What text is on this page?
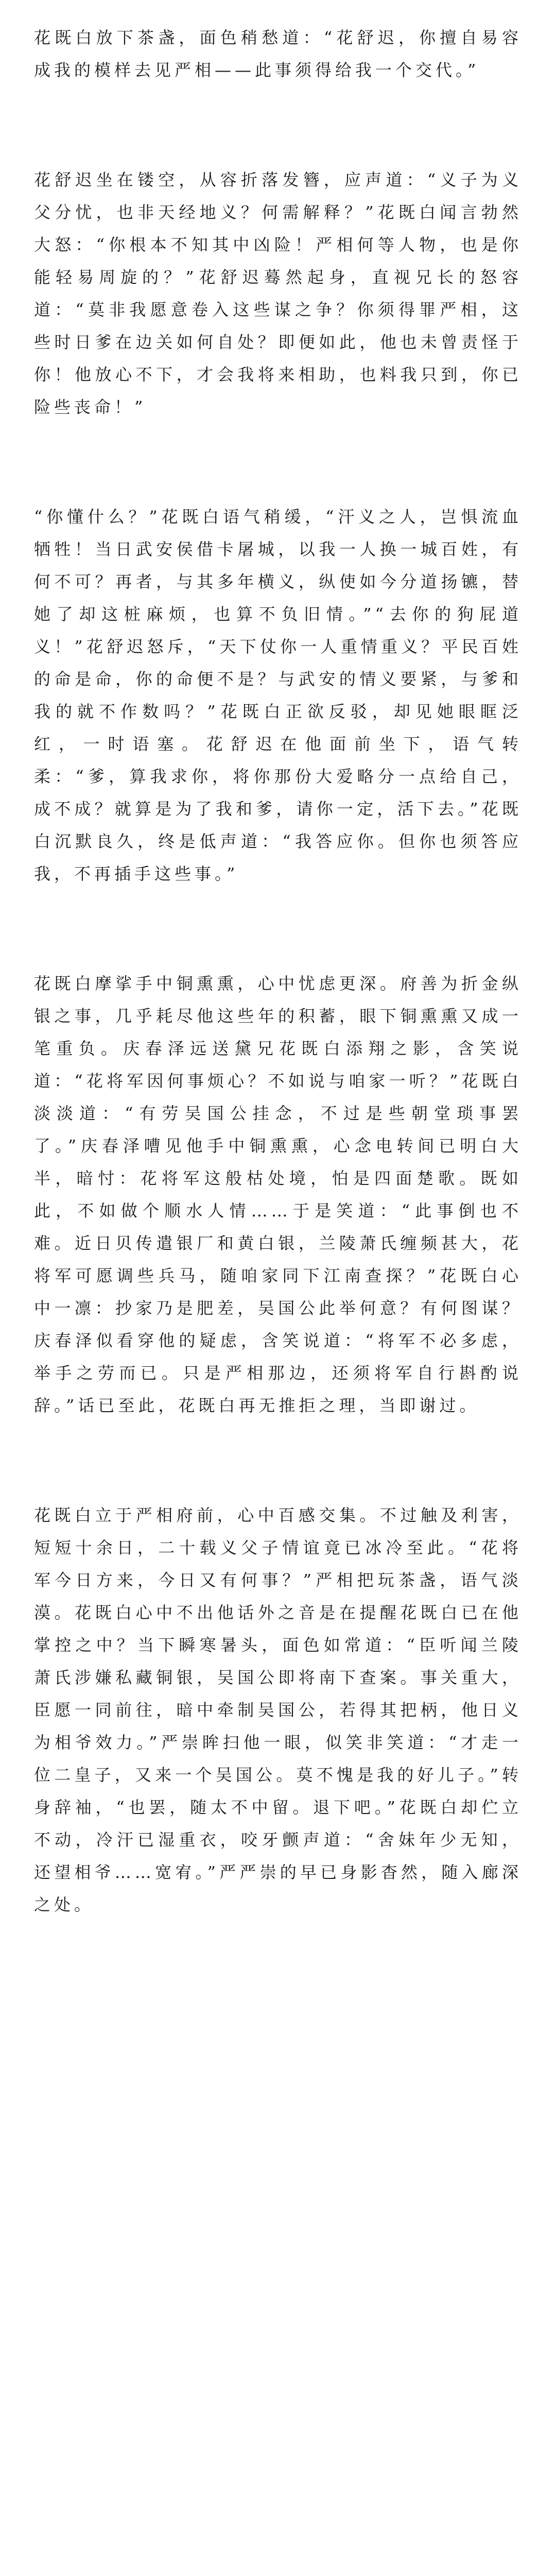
花既白放下茶盏，面色稍愁道：“花舒迟，你擅自易容成我的模样去见严相——此事须得给我一个交代。”

花舒迟坐在镂空，从容折落发簪，应声道：“义子为义父分忧，也非天经地义？何需解释？”花既白闻言勃然大怒：“你根本不知其中凶险！严相何等人物，也是你能轻易周旋的？”花舒迟蓦然起身，直视兄长的怒容道：“莫非我愿意卷入这些谋之争？你须得罪严相，这些时日爹在边关如何自处？即便如此，他也未曾责怪于你！他放心不下，才会我将来相助，也料我只到，你已险些丧命！”

“你懂什么？”花既白语气稍缓，“汗义之人，岂惧流血牺牲！当日武安侯借卡屠城，以我一人换一城百姓，有何不可？再者，与其多年横义，纵使如今分道扬镳，替她了却这桩麻烦，也算不负旧情。”“去你的狗屁道义！”花舒迟怒斥，“天下仗你一人重情重义？平民百姓的命是命，你的命便不是？与武安的情义要紧，与爹和我的就不作数吗？”花既白正欲反驳，却见她眼眶泛红，一时语塞。花舒迟在他面前坐下，语气转柔：“爹，算我求你，将你那份大爱略分一点给自己，成不成？就算是为了我和爹，请你一定，活下去。”花既白沉默良久，终是低声道：“我答应你。但你也须答应我，不再插手这些事。”

花既白摩挲手中铜熏熏，心中忧虑更深。府善为折金纵银之事，几乎耗尽他这些年的积蓄，眼下铜熏熏又成一笔重负。庆春泽远送黛兄花既白添翔之影，含笑说道：“花将军因何事烦心？不如说与咱家一听？”花既白淡淡道：“有劳吴国公挂念，不过是些朝堂琐事罢了。”庆春泽嘈见他手中铜熏熏，心念电转间已明白大半，暗忖：花将军这般枯处境，怕是四面楚歌。既如此，不如做个顺水人情……于是笑道：“此事倒也不难。近日贝传遣银厂和黄白银，兰陵萧氏缠频甚大，花将军可愿调些兵马，随咱家同下江南查探？”花既白心中一凛：抄家乃是肥差，吴国公此举何意？有何图谋？庆春泽似看穿他的疑虑，含笑说道：“将军不必多虑，举手之劳而已。只是严相那边，还须将军自行斟酌说辞。”话已至此，花既白再无推拒之理，当即谢过。

花既白立于严相府前，心中百感交集。不过触及利害，短短十余日，二十载义父子情谊竟已冰冷至此。“花将军今日方来，今日又有何事？”严相把玩茶盏，语气淡漠。花既白心中不出他话外之音是在提醒花既白已在他掌控之中？当下瞬寒暑头，面色如常道：“臣听闻兰陵萧氏涉嫌私藏铜银，吴国公即将南下查案。事关重大，臣愿一同前往，暗中牵制吴国公，若得其把柄，他日义为相爷效力。”严崇眸扫他一眼，似笑非笑道：“才走一位二皇子，又来一个吴国公。莫不愧是我的好儿子。”转身辞袖，“也罢，随太不中留。退下吧。”花既白却伫立不动，冷汗已湿重衣，咬牙颤声道：“舍妹年少无知，还望相爷……宽宥。”严严崇的早已身影杳然，随入廊深之处。
